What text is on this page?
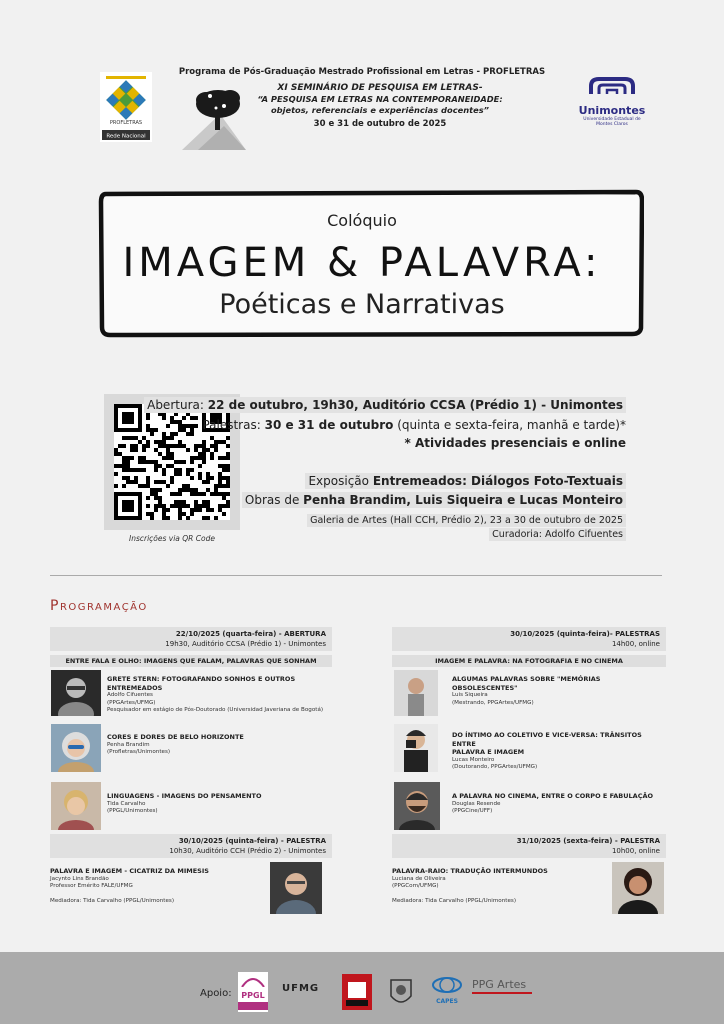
Programa de Pós-Graduação Mestrado Profissional em Letras - PROFLETRAS
PROFLETRAS
Rede Nacional
XI SEMINÁRIO DE PESQUISA EM LETRAS-
“A PESQUISA EM LETRAS NA CONTEMPORANEIDADE:
objetos, referenciais e experiências docentes”
30 e 31 de outubro de 2025
Unimontes
Universidade Estadual de Montes Claros
Colóquio
IMAGEM & PALAVRA:
Poéticas e Narrativas
Inscrições via QR Code
Abertura: 22 de outubro, 19h30, Auditório CCSA (Prédio 1) - Unimontes
Palestras: 30 e 31 de outubro (quinta e sexta-feira, manhã e tarde)*
* Atividades presenciais e online
Exposição Entremeados: Diálogos Foto-Textuais
Obras de Penha Brandim, Luis Siqueira e Lucas Monteiro
Galeria de Artes (Hall CCH, Prédio 2), 23 a 30 de outubro de 2025
Curadoria: Adolfo Cifuentes
Programação
22/10/2025 (quarta-feira) - ABERTURA
19h30, Auditório CCSA (Prédio 1) - Unimontes
ENTRE FALA E OLHO: IMAGENS QUE FALAM, PALAVRAS QUE SONHAM
GRETE STERN: FOTOGRAFANDO SONHOS E OUTROS ENTREMEADOS
Adolfo Cifuentes
(PPGArtes/UFMG)
Pesquisador em estágio de Pós-Doutorado (Universidad Javeriana de Bogotá)
CORES E DORES DE BELO HORIZONTE
Penha Brandim
(Profletras/Unimontes)
LINGUAGENS - IMAGENS DO PENSAMENTO
Tida Carvalho
(PPGL/Unimontes)
30/10/2025 (quinta-feira) - PALESTRA
10h30, Auditório CCH (Prédio 2) - Unimontes
PALAVRA E IMAGEM - CICATRIZ DA MIMESIS
Jacynto Lins Brandão
Professor Emérito FALE/UFMG
Mediadora: Tida Carvalho (PPGL/Unimontes)
30/10/2025 (quinta-feira)- PALESTRAS
14h00, online
IMAGEM E PALAVRA: NA FOTOGRAFIA E NO CINEMA
ALGUMAS PALAVRAS SOBRE "MEMÓRIAS OBSOLESCENTES"
Luis Siqueira
(Mestrando, PPGArtes/UFMG)
DO ÍNTIMO AO COLETIVO E VICE-VERSA: TRÂNSITOS ENTRE
PALAVRA E IMAGEM
Lucas Monteiro
(Doutorando, PPGArtes/UFMG)
A PALAVRA NO CINEMA, ENTRE O CORPO E FABULAÇÃO
Douglas Resende
(PPGCine/UFF)
31/10/2025 (sexta-feira) - PALESTRA
10h00, online
PALAVRA-RAIO: TRADUÇÃO INTERMUNDOS
Luciana de Oliveira
(PPGCom/UFMG)
Mediadora: Tida Carvalho (PPGL/Unimontes)
Apoio:	PPGL
UFMG
CAPES
PPG Artes
